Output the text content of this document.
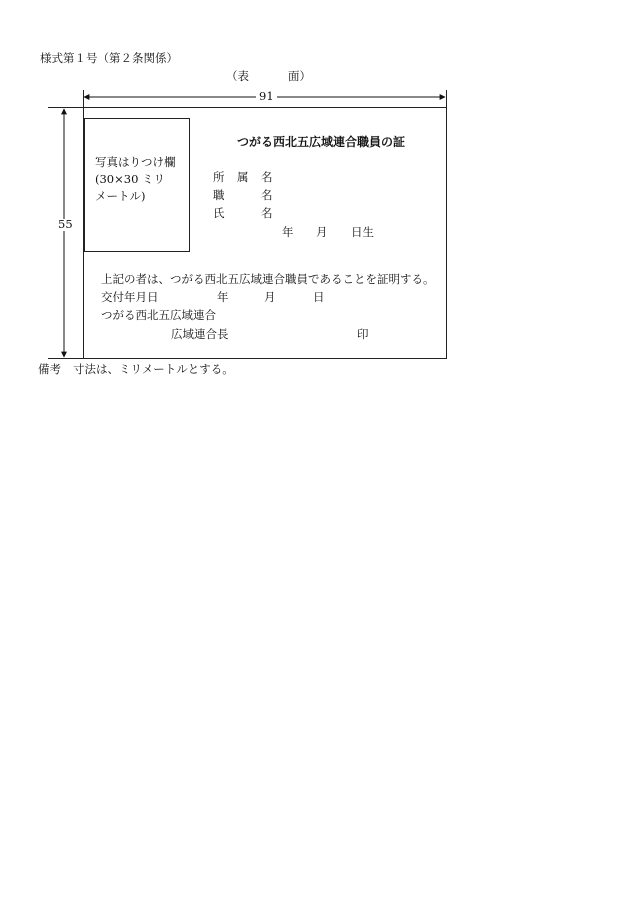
様式第１号（第２条関係）
（表	面）
91
55
写真はりつけ欄
(30×30 ミリ
メートル)
つがる西北五広域連合職員の証
所 属 名
職	名
氏	名
年 月 日生
上記の者は、つがる西北五広域連合職員であることを証明する。
交付年月日	年	月	日
つがる西北五広域連合
広域連合長	印
備考 寸法は、ミリメートルとする。
